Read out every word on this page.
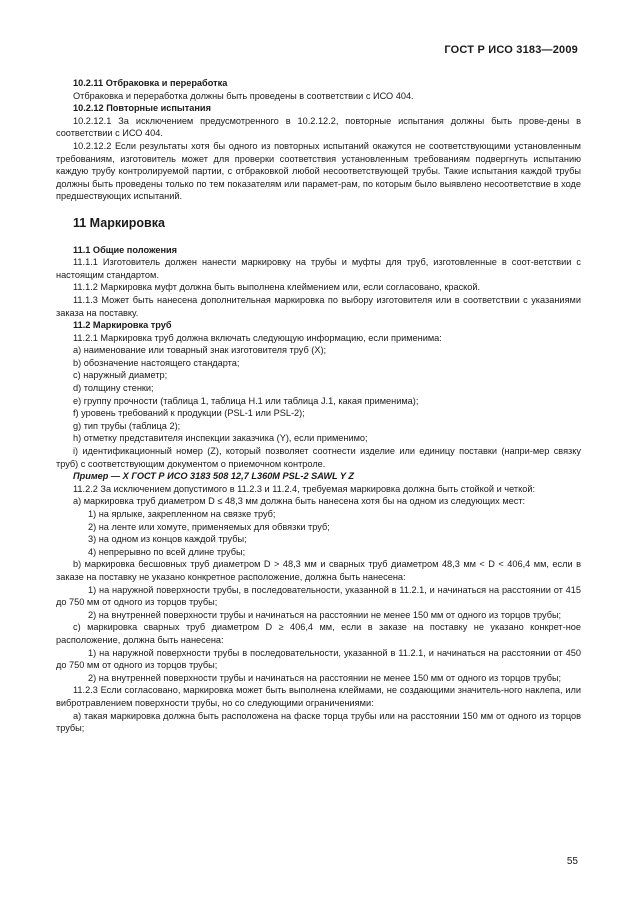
ГОСТ Р ИСО 3183—2009

10.2.11 Отбраковка и переработка

Отбраковка и переработка должны быть проведены в соответствии с ИСО 404.

10.2.12 Повторные испытания

10.2.12.1 За исключением предусмотренного в 10.2.12.2, повторные испытания должны быть прове-дены в соответствии с ИСО 404.

10.2.12.2 Если результаты хотя бы одного из повторных испытаний окажутся не соответствующими установленным требованиям, изготовитель может для проверки соответствия установленным требованиям подвергнуть испытанию каждую трубу контролируемой партии, с отбраковкой любой несоответствующей трубы. Такие испытания каждой трубы должны быть проведены только по тем показателям или парамет-рам, по которым было выявлено несоответствие в ходе предшествующих испытаний.

11 Маркировка

11.1 Общие положения

11.1.1 Изготовитель должен нанести маркировку на трубы и муфты для труб, изготовленные в соот-ветствии с настоящим стандартом.

11.1.2 Маркировка муфт должна быть выполнена клеймением или, если согласовано, краской.

11.1.3 Может быть нанесена дополнительная маркировка по выбору изготовителя или в соответствии с указаниями заказа на поставку.

11.2 Маркировка труб

11.2.1 Маркировка труб должна включать следующую информацию, если применима:

a) наименование или товарный знак изготовителя труб (X);

b) обозначение настоящего стандарта;

c) наружный диаметр;

d) толщину стенки;

e) группу прочности (таблица 1, таблица H.1 или таблица J.1, какая применима);

f) уровень требований к продукции (PSL-1 или PSL-2);

g) тип трубы (таблица 2);

h) отметку представителя инспекции заказчика (Y), если применимо;

i) идентификационный номер (Z), который позволяет соотнести изделие или единицу поставки (напри-мер связку труб) с соответствующим документом о приемочном контроле.

Пример — X ГОСТ Р ИСО 3183 508 12,7 L360M PSL-2 SAWL Y Z

11.2.2 За исключением допустимого в 11.2.3 и 11.2.4, требуемая маркировка должна быть стойкой и четкой:

a) маркировка труб диаметром D ≤ 48,3 мм должна быть нанесена хотя бы на одном из следующих мест:

1) на ярлыке, закрепленном на связке труб;

2) на ленте или хомуте, применяемых для обвязки труб;

3) на одном из концов каждой трубы;

4) непрерывно по всей длине трубы;

b) маркировка бесшовных труб диаметром D > 48,3 мм и сварных труб диаметром 48,3 мм < D < 406,4 мм, если в заказе на поставку не указано конкретное расположение, должна быть нанесена:

1) на наружной поверхности трубы, в последовательности, указанной в 11.2.1, и начинаться на расстоянии от 415 до 750 мм от одного из торцов трубы;

2) на внутренней поверхности трубы и начинаться на расстоянии не менее 150 мм от одного из торцов трубы;

c) маркировка сварных труб диаметром D ≥ 406,4 мм, если в заказе на поставку не указано конкрет-ное расположение, должна быть нанесена:

1) на наружной поверхности трубы в последовательности, указанной в 11.2.1, и начинаться на расстоянии от 450 до 750 мм от одного из торцов трубы;

2) на внутренней поверхности трубы и начинаться на расстоянии не менее 150 мм от одного из торцов трубы;

11.2.3 Если согласовано, маркировка может быть выполнена клеймами, не создающими значитель-ного наклепа, или вибротравлением поверхности трубы, но со следующими ограничениями:

a) такая маркировка должна быть расположена на фаске торца трубы или на расстоянии 150 мм от одного из торцов трубы;

55
